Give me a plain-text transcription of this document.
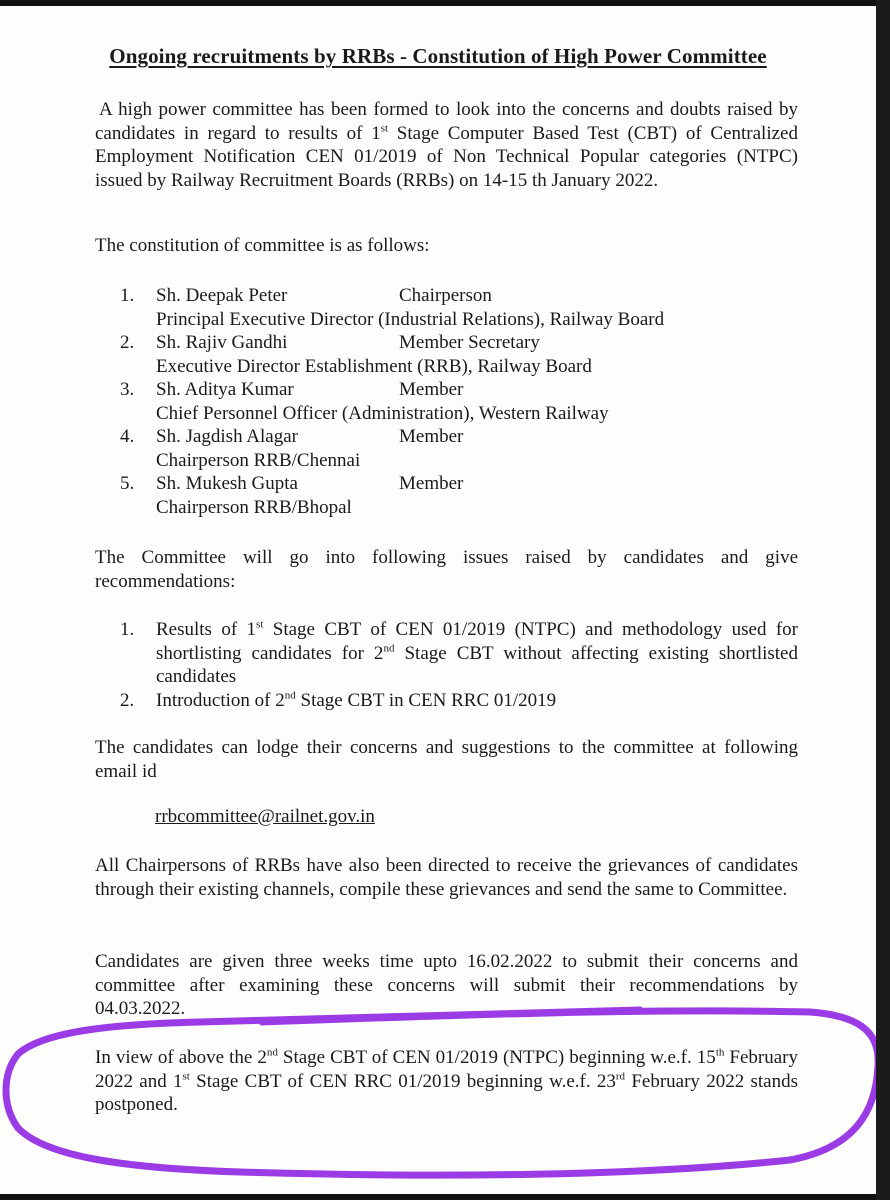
Ongoing recruitments by RRBs - Constitution of High Power Committee

A high power committee has been formed to look into the concerns and doubts raised by candidates in regard to results of 1st Stage Computer Based Test (CBT) of Centralized Employment Notification CEN 01/2019 of Non Technical Popular categories (NTPC) issued by Railway Recruitment Boards (RRBs) on 14-15 th January 2022.

The constitution of committee is as follows:

1.	Sh. Deepak Peter	Chairperson
Principal Executive Director (Industrial Relations), Railway Board
2.	Sh. Rajiv Gandhi	Member Secretary
Executive Director Establishment (RRB), Railway Board
3.	Sh. Aditya Kumar	Member
Chief Personnel Officer (Administration), Western Railway
4.	Sh. Jagdish Alagar	Member
Chairperson RRB/Chennai
5.	Sh. Mukesh Gupta	Member
Chairperson RRB/Bhopal

The Committee will go into following issues raised by candidates and give recommendations:

1.	Results of 1st Stage CBT of CEN 01/2019 (NTPC) and methodology used for shortlisting candidates for 2nd Stage CBT without affecting existing shortlisted candidates
2.	Introduction of 2nd Stage CBT in CEN RRC 01/2019

The candidates can lodge their concerns and suggestions to the committee at following email id

rrbcommittee@railnet.gov.in

All Chairpersons of RRBs have also been directed to receive the grievances of candidates through their existing channels, compile these grievances and send the same to Committee.

Candidates are given three weeks time upto 16.02.2022 to submit their concerns and committee after examining these concerns will submit their recommendations by 04.03.2022.

In view of above the 2nd Stage CBT of CEN 01/2019 (NTPC) beginning w.e.f. 15th February 2022 and 1st Stage CBT of CEN RRC 01/2019 beginning w.e.f. 23rd February 2022 stands postponed.
